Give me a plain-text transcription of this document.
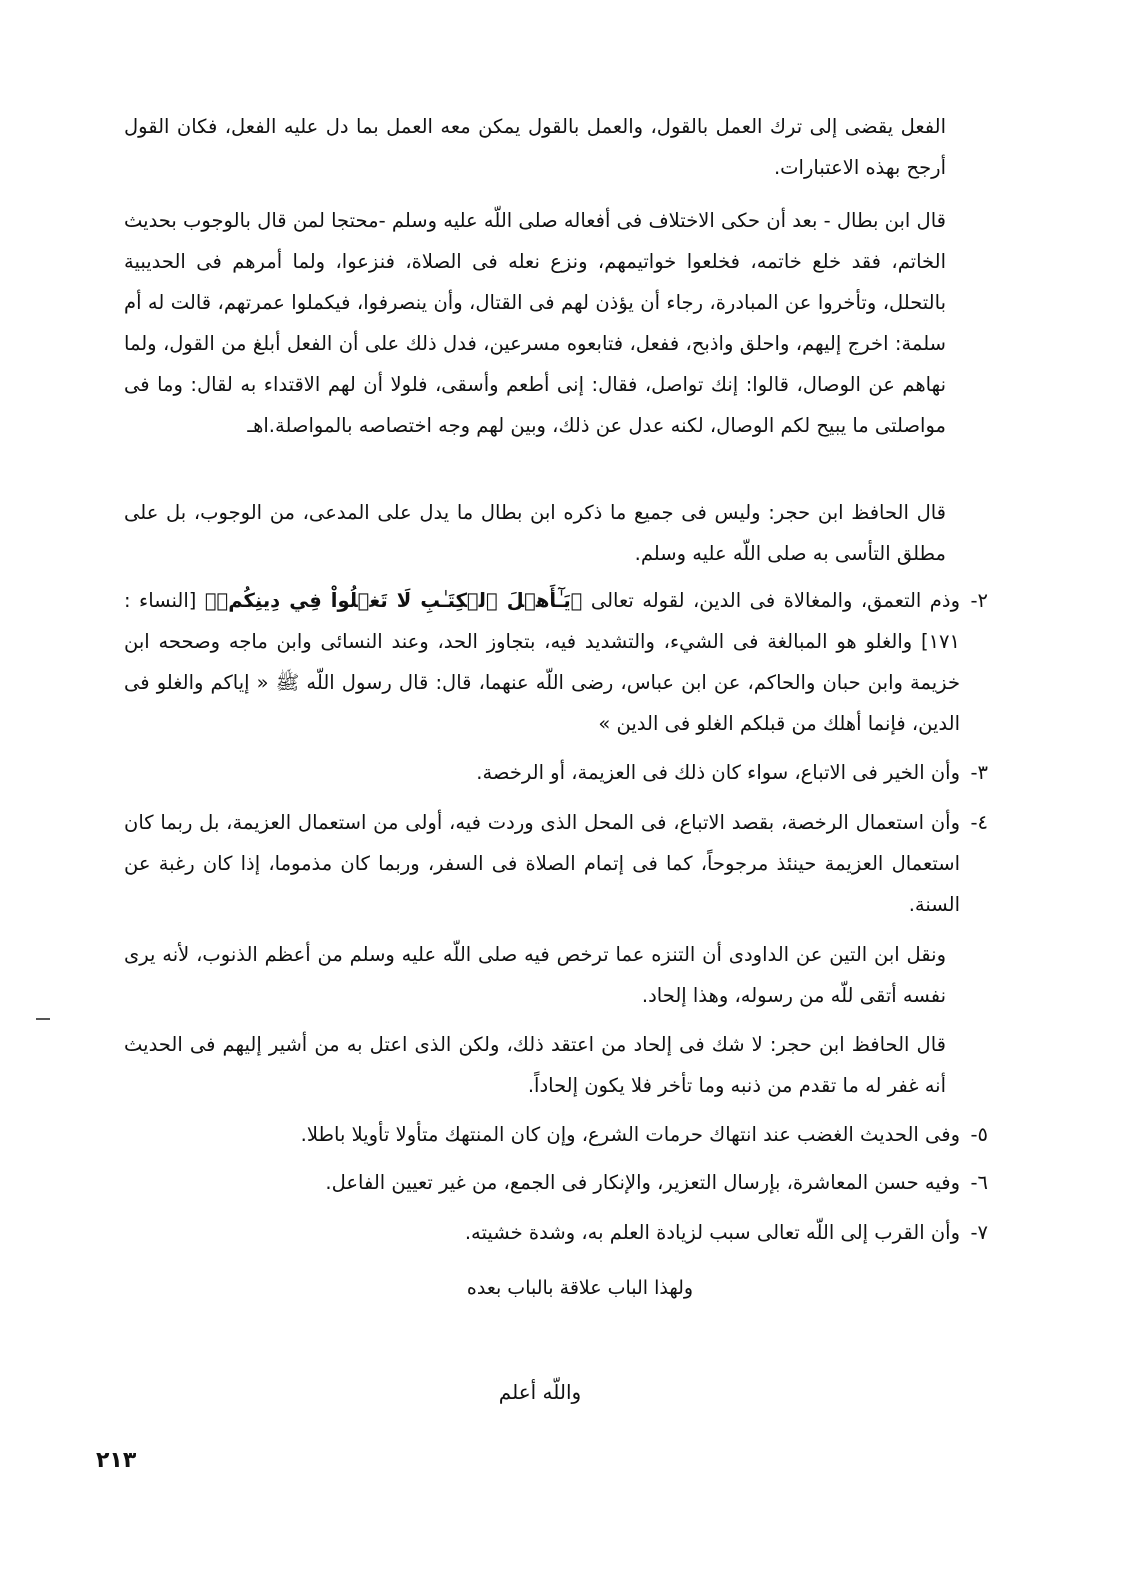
الفعل يقضى إلى ترك العمل بالقول، والعمل بالقول يمكن معه العمل بما دل عليه الفعل، فكان القول أرجح بهذه الاعتبارات.

قال ابن بطال - بعد أن حكى الاختلاف فى أفعاله صلى اللّه عليه وسلم -محتجا لمن قال بالوجوب بحديث الخاتم، فقد خلع خاتمه، فخلعوا خواتيمهم، ونزع نعله فى الصلاة، فنزعوا، ولما أمرهم فى الحديبية بالتحلل، وتأخروا عن المبادرة، رجاء أن يؤذن لهم فى القتال، وأن ينصرفوا، فيكملوا عمرتهم، قالت له أم سلمة: اخرج إليهم، واحلق واذبح، ففعل، فتابعوه مسرعين، فدل ذلك على أن الفعل أبلغ من القول، ولما نهاهم عن الوصال، قالوا: إنك تواصل، فقال: إنى أطعم وأسقى، فلولا أن لهم الاقتداء به لقال: وما فى مواصلتى ما يبيح لكم الوصال، لكنه عدل عن ذلك، وبين لهم وجه اختصاصه بالمواصلة.اهـ

قال الحافظ ابن حجر: وليس فى جميع ما ذكره ابن بطال ما يدل على المدعى، من الوجوب، بل على مطلق التأسى به صلى اللّه عليه وسلم.

٢-
وذم التعمق، والمغالاة فى الدين، لقوله تعالى ﴿يَـٰٓأَهۡلَ ٱلۡكِتَـٰبِ لَا تَغۡلُواْ فِي دِينِكُمۡ﴾ [النساء : ١٧١] والغلو هو المبالغة فى الشيء، والتشديد فيه، بتجاوز الحد، وعند النسائى وابن ماجه وصححه ابن خزيمة وابن حبان والحاكم، عن ابن عباس، رضى اللّه عنهما، قال: قال رسول اللّه ﷺ « إياكم والغلو فى الدين، فإنما أهلك من قبلكم الغلو فى الدين »
٣-
وأن الخير فى الاتباع، سواء كان ذلك فى العزيمة، أو الرخصة.
٤-
وأن استعمال الرخصة، بقصد الاتباع، فى المحل الذى وردت فيه، أولى من استعمال العزيمة، بل ربما كان استعمال العزيمة حينئذ مرجوحاً، كما فى إتمام الصلاة فى السفر، وربما كان مذموما، إذا كان رغبة عن السنة.

ونقل ابن التين عن الداودى أن التنزه عما ترخص فيه صلى اللّه عليه وسلم من أعظم الذنوب، لأنه يرى نفسه أتقى للّه من رسوله، وهذا إلحاد.

قال الحافظ ابن حجر: لا شك فى إلحاد من اعتقد ذلك، ولكن الذى اعتل به من أشير إليهم فى الحديث أنه غفر له ما تقدم من ذنبه وما تأخر فلا يكون إلحاداً.

٥-
وفى الحديث الغضب عند انتهاك حرمات الشرع، وإن كان المنتهك متأولا تأويلا باطلا.
٦-
وفيه حسن المعاشرة، بإرسال التعزير، والإنكار فى الجمع، من غير تعيين الفاعل.
٧-
وأن القرب إلى اللّه تعالى سبب لزيادة العلم به، وشدة خشيته.
ولهذا الباب علاقة بالباب بعده
واللّه أعلم
٢١٣
